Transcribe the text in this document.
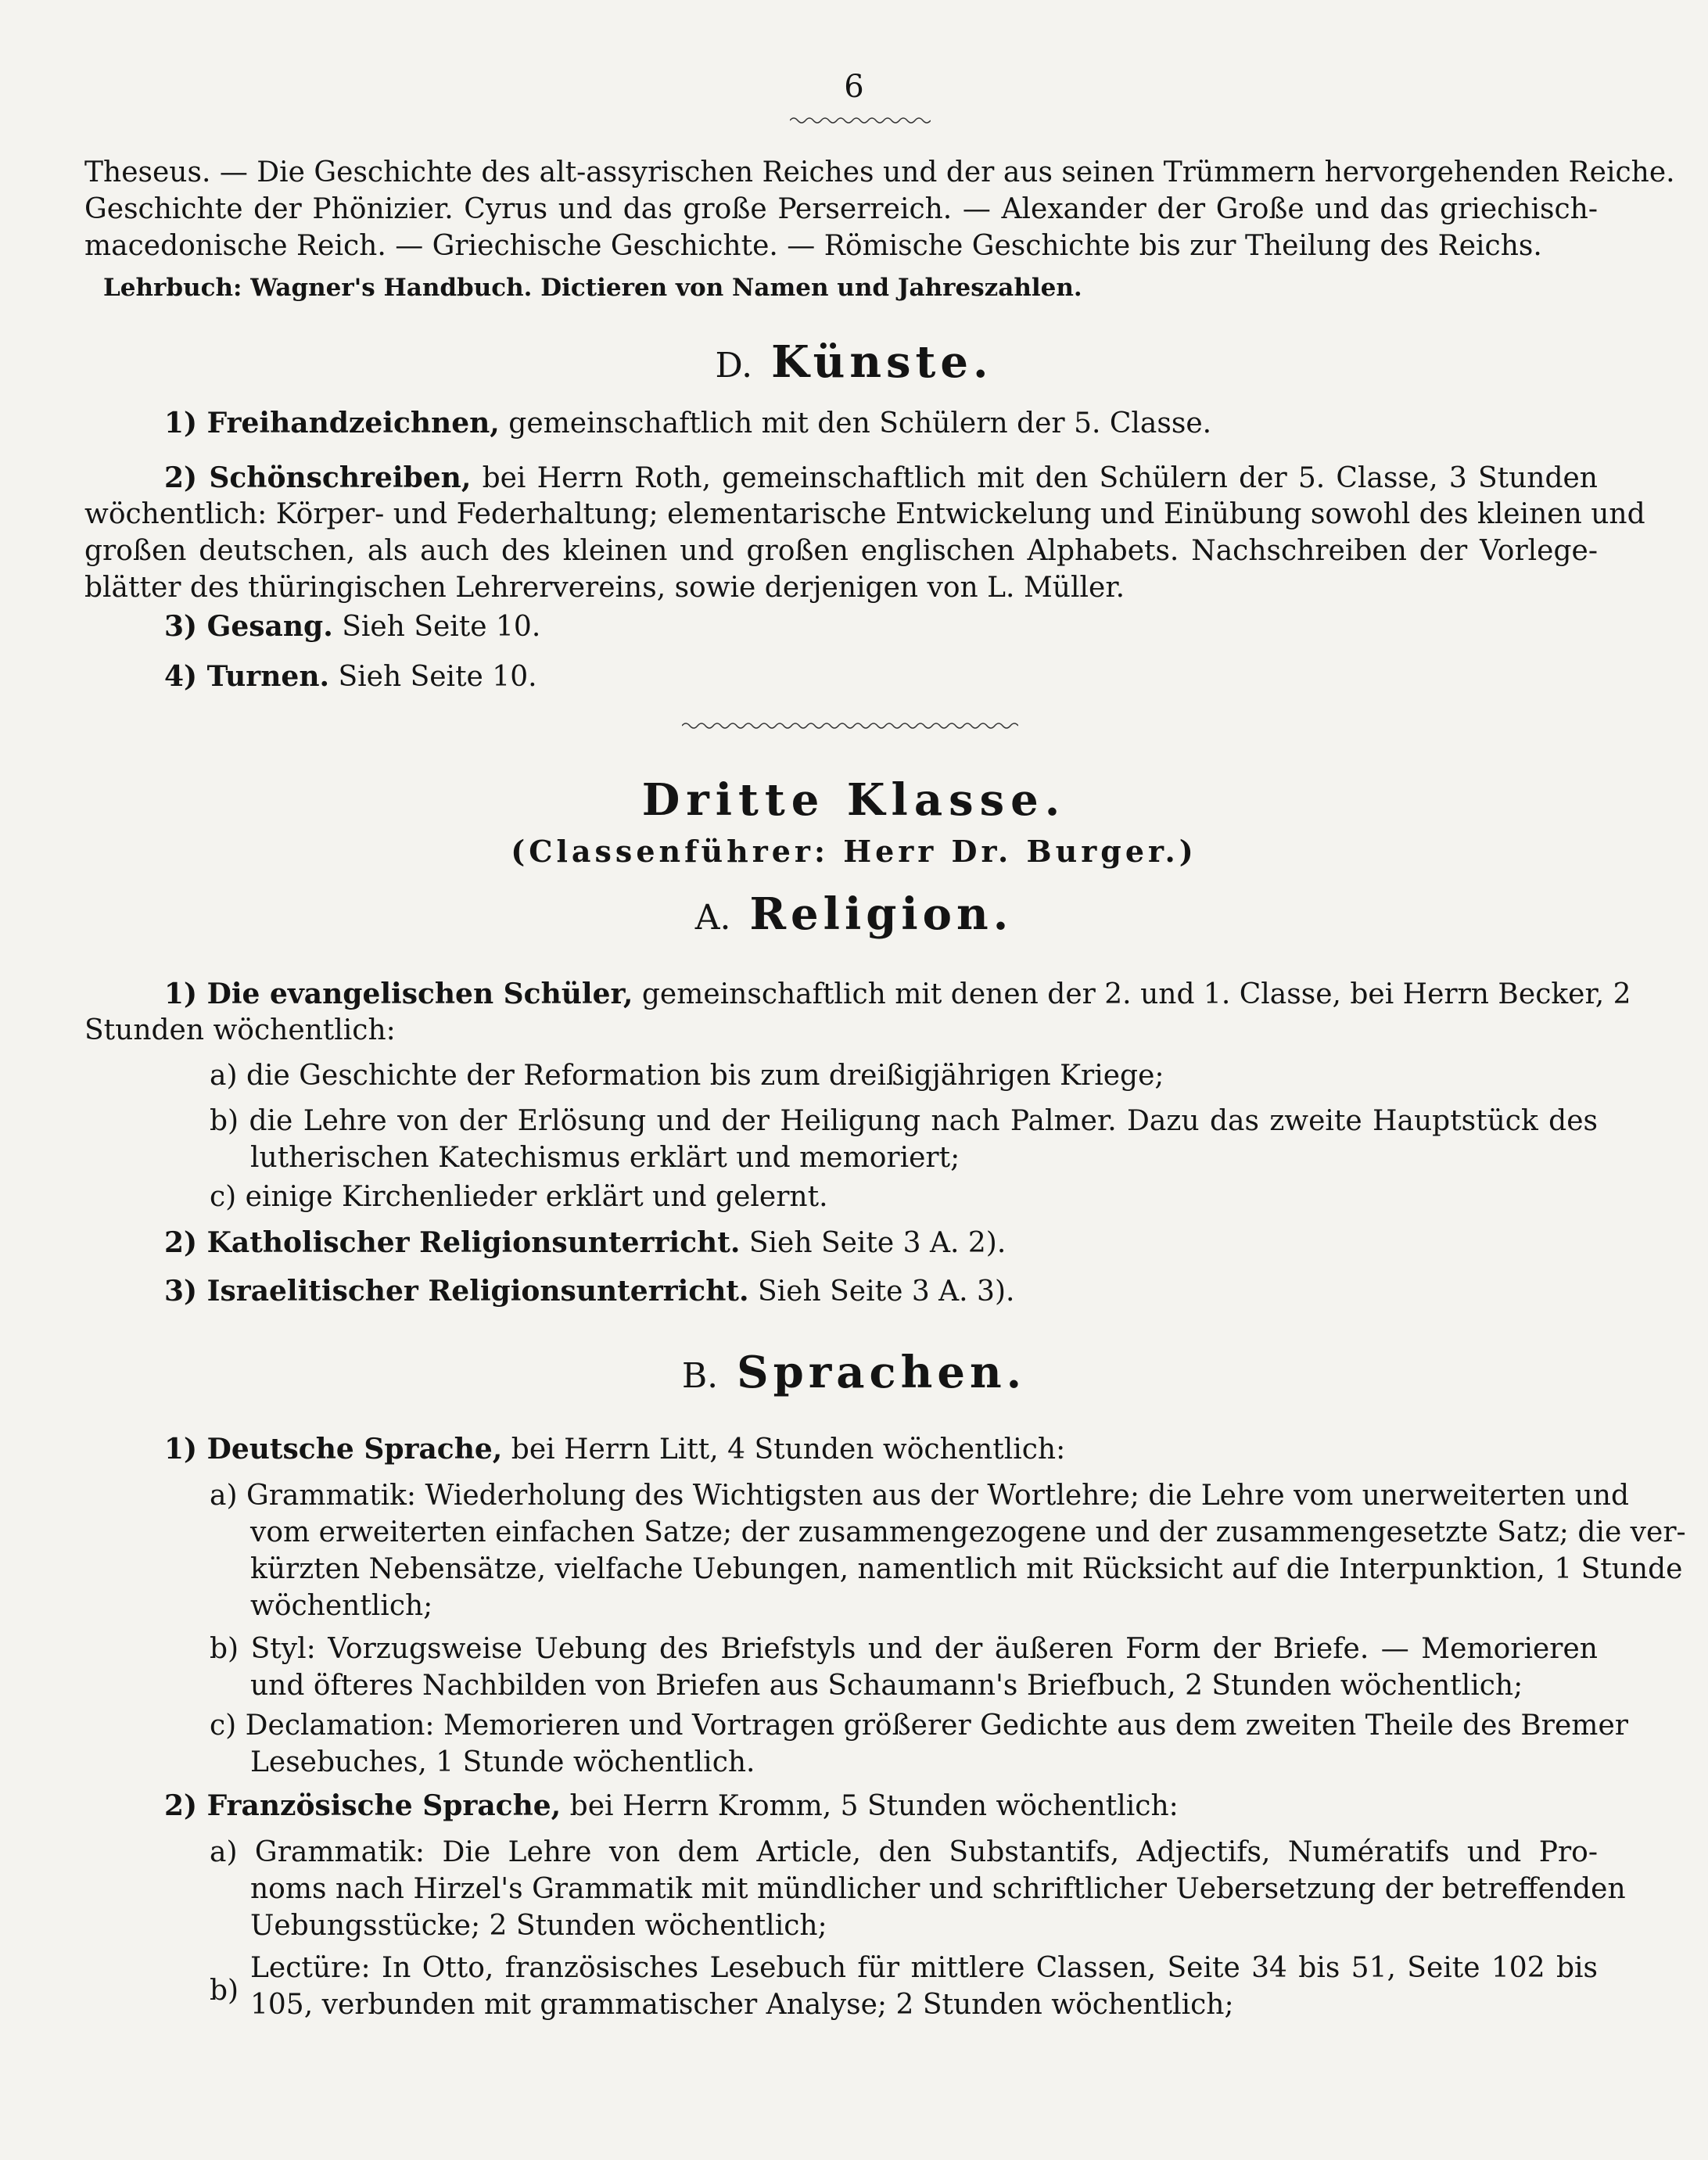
6
Theseus. — Die Geschichte des alt-assyrischen Reiches und der aus seinen Trümmern hervorgehenden Reiche.
Geschichte der Phönizier. Cyrus und das große Perserreich. — Alexander der Große und das griechisch-
macedonische Reich. — Griechische Geschichte. — Römische Geschichte bis zur Theilung des Reichs.
Lehrbuch: Wagner's Handbuch. Dictieren von Namen und Jahreszahlen.
D. Künste.
1) Freihandzeichnen, gemeinschaftlich mit den Schülern der 5. Classe.
2) Schönschreiben, bei Herrn Roth, gemeinschaftlich mit den Schülern der 5. Classe, 3 Stunden
wöchentlich: Körper- und Federhaltung; elementarische Entwickelung und Einübung sowohl des kleinen und
großen deutschen, als auch des kleinen und großen englischen Alphabets. Nachschreiben der Vorlege-
blätter des thüringischen Lehrervereins, sowie derjenigen von L. Müller.
3) Gesang. Sieh Seite 10.
4) Turnen. Sieh Seite 10.
Dritte Klasse.
(Classenführer: Herr Dr. Burger.)
A. Religion.
1) Die evangelischen Schüler, gemeinschaftlich mit denen der 2. und 1. Classe, bei Herrn Becker, 2
Stunden wöchentlich:
a) die Geschichte der Reformation bis zum dreißigjährigen Kriege;
b) die Lehre von der Erlösung und der Heiligung nach Palmer. Dazu das zweite Hauptstück des
lutherischen Katechismus erklärt und memoriert;
c) einige Kirchenlieder erklärt und gelernt.
2) Katholischer Religionsunterricht. Sieh Seite 3 A. 2).
3) Israelitischer Religionsunterricht. Sieh Seite 3 A. 3).
B. Sprachen.
1) Deutsche Sprache, bei Herrn Litt, 4 Stunden wöchentlich:
a) Grammatik: Wiederholung des Wichtigsten aus der Wortlehre; die Lehre vom unerweiterten und
vom erweiterten einfachen Satze; der zusammengezogene und der zusammengesetzte Satz; die ver-
kürzten Nebensätze, vielfache Uebungen, namentlich mit Rücksicht auf die Interpunktion, 1 Stunde
wöchentlich;
b) Styl: Vorzugsweise Uebung des Briefstyls und der äußeren Form der Briefe. — Memorieren
und öfteres Nachbilden von Briefen aus Schaumann's Briefbuch, 2 Stunden wöchentlich;
c) Declamation: Memorieren und Vortragen größerer Gedichte aus dem zweiten Theile des Bremer
Lesebuches, 1 Stunde wöchentlich.
2) Französische Sprache, bei Herrn Kromm, 5 Stunden wöchentlich:
a) Grammatik: Die Lehre von dem Article, den Substantifs, Adjectifs, Numératifs und Pro-
noms nach Hirzel's Grammatik mit mündlicher und schriftlicher Uebersetzung der betreffenden
Uebungsstücke; 2 Stunden wöchentlich;
Lectüre: In Otto, französisches Lesebuch für mittlere Classen, Seite 34 bis 51, Seite 102 bis
b) 105, verbunden mit grammatischer Analyse; 2 Stunden wöchentlich;
